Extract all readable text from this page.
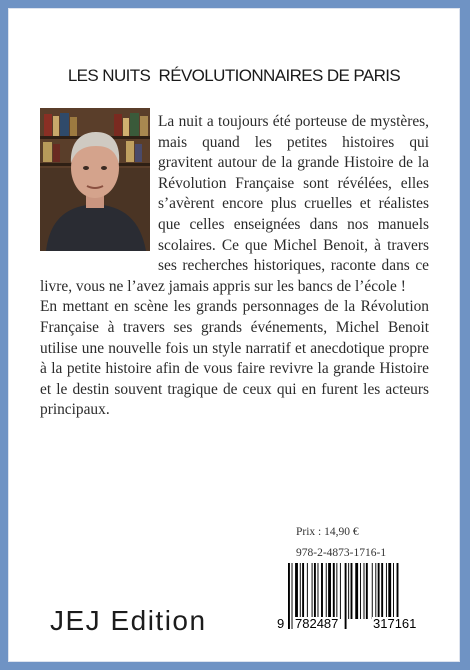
LES NUITS  RÉVOLUTIONNAIRES DE PARIS

La nuit a toujours été porteuse de mystères, mais quand les petites histoires qui gravitent autour de la grande Histoire de la Révolution Française sont révélées, elles s’avèrent encore plus cruelles et réalistes que celles enseignées dans nos manuels scolaires. Ce que Michel Benoit, à travers ses recherches historiques, raconte dans ce livre, vous ne l’avez jamais appris sur les bancs de l’école !

En mettant en scène les grands personnages de la Révolution Française à travers ses grands événements, Michel Benoit utilise une nouvelle fois un style narratif et anecdotique propre à la petite histoire afin de vous faire revivre la grande Histoire et le destin souvent tragique de ceux qui en furent les acteurs principaux.

Prix : 14,90 €
978-2-4873-1716-1
9 782487	317161
JEJ Edition
